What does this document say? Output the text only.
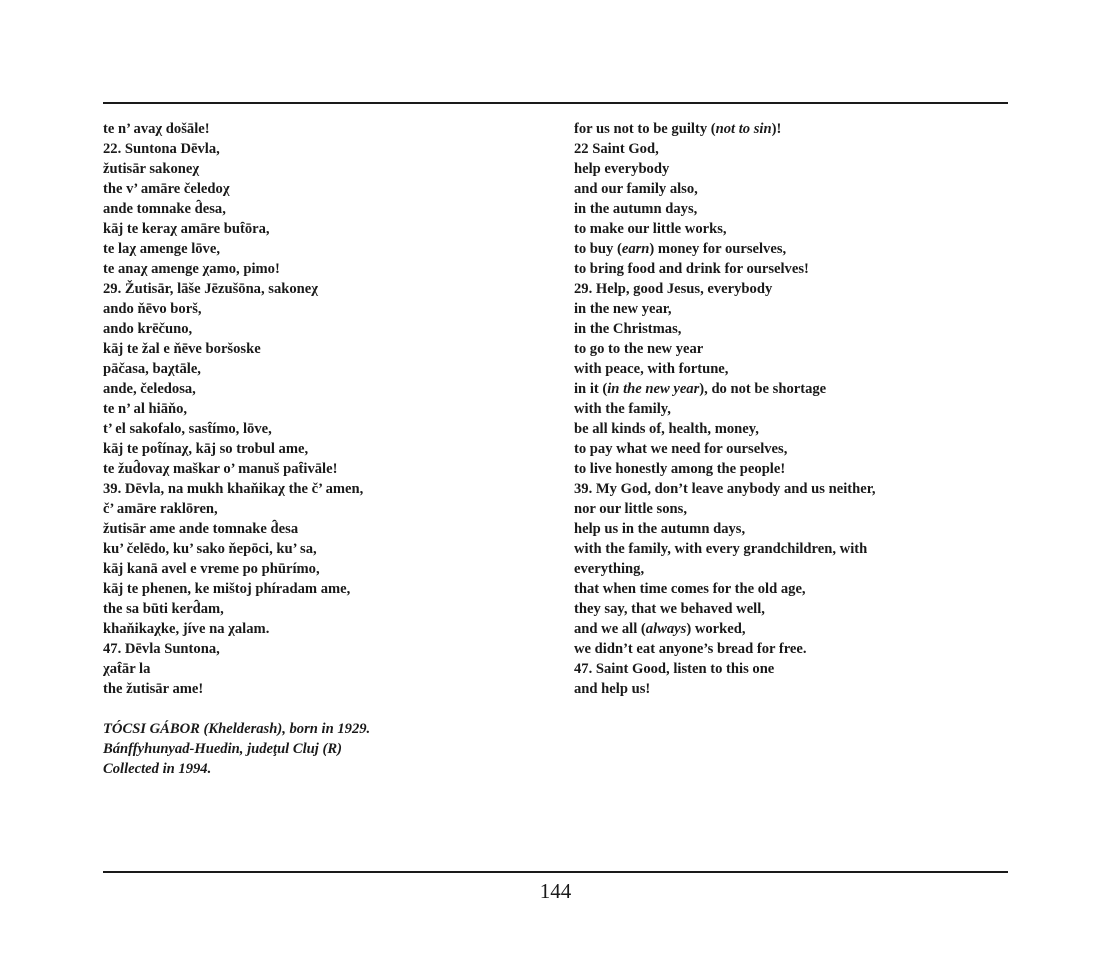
te n’ avaχ došāle!
22. Suntona Dēvla,
žutisār sakoneχ
the v’ amāre čeledoχ
ande tomnake d̑esa,
kāj te keraχ amāre but̑ōra,
te laχ amenge lōve,
te anaχ amenge χamo, pimo!
29. Žutisār, lāše Jēzušōna, sakoneχ
ando ňēvo borš,
ando krēčuno,
kāj te žal e ňēve boršoske
pāčasa, baχtāle,
ande, čeledosa,
te n’ al hiāňo,
t’ el sakofalo, sast̑ímo, lōve,
kāj te pot̑ínaχ, kāj so trobul ame,
te žud̑ovaχ maškar o’ manuš pat̑ivāle!
39. Dēvla, na mukh khaňikaχ the č’ amen,
č’ amāre raklōren,
žutisār ame ande tomnake d̑esa
ku’ čelēdo, ku’ sako ňepōci, ku’ sa,
kāj kanā avel e vreme po phūrímo,
kāj te phenen, ke mištoj phíradam ame,
the sa būti kerd̑am,
khaňikaχke, jíve na χalam.
47. Dēvla Suntona,
χat̑ār la
the žutisār ame!
for us not to be guilty (not to sin)!
22 Saint God,
help everybody
and our family also,
in the autumn days,
to make our little works,
to buy (earn) money for ourselves,
to bring food and drink for ourselves!
29. Help, good Jesus, everybody
in the new year,
in the Christmas,
to go to the new year
with peace, with fortune,
in it (in the new year), do not be shortage
with the family,
be all kinds of, health, money,
to pay what we need for ourselves,
to live honestly among the people!
39. My God, don’t leave anybody and us neither,
nor our little sons,
help us in the autumn days,
with the family, with every grandchildren, with
everything,
that when time comes for the old age,
they say, that we behaved well,
and we all (always) worked,
we didn’t eat anyone’s bread for free.
47. Saint Good, listen to this one
and help us!
TÓCSI GÁBOR (Khelderash), born in 1929.
Bánffyhunyad-Huedin, judeţul Cluj (R)
Collected in 1994.
144
